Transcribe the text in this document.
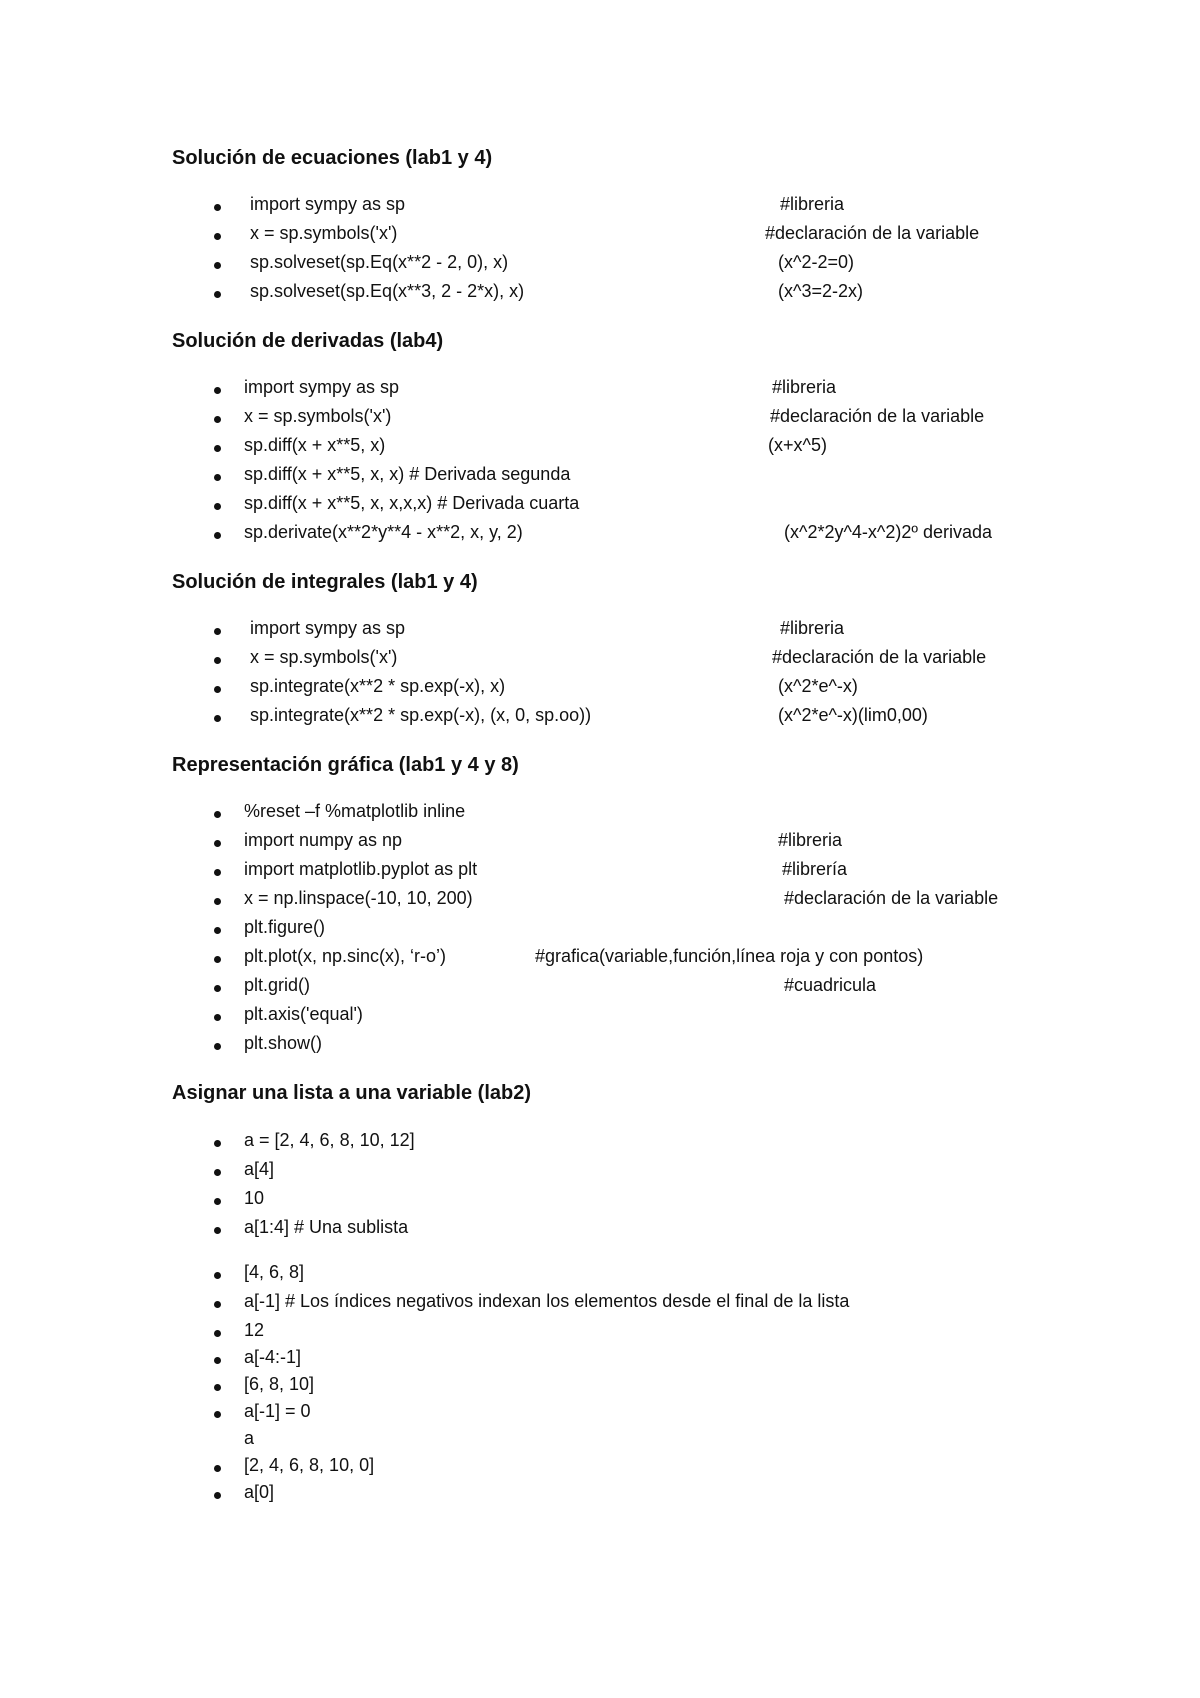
Solución de ecuaciones (lab1 y 4)
import sympy as sp	#libreria
x = sp.symbols('x')	#declaración de la variable
sp.solveset(sp.Eq(x**2 - 2, 0), x)	(x^2-2=0)
sp.solveset(sp.Eq(x**3, 2 - 2*x), x)	(x^3=2-2x)
Solución de derivadas (lab4)
import sympy as sp	#libreria
x = sp.symbols('x')	#declaración de la variable
sp.diff(x + x**5, x)	(x+x^5)
sp.diff(x + x**5, x, x) # Derivada segunda
sp.diff(x + x**5, x, x,x,x) # Derivada cuarta
sp.derivate(x**2*y**4 - x**2, x, y, 2)	(x^2*2y^4-x^2)2º derivada
Solución de integrales (lab1 y 4)
import sympy as sp	#libreria
x = sp.symbols('x')	#declaración de la variable
sp.integrate(x**2 * sp.exp(-x), x)	(x^2*e^-x)
sp.integrate(x**2 * sp.exp(-x), (x, 0, sp.oo))	(x^2*e^-x)(lim0,00)
Representación gráfica (lab1 y 4 y 8)
%reset –f %matplotlib inline
import numpy as np	#libreria
import matplotlib.pyplot as plt	#librería
x = np.linspace(-10, 10, 200)	#declaración de la variable
plt.figure()
plt.plot(x, np.sinc(x), ‘r-o’)	#grafica(variable,función,línea roja y con pontos)
plt.grid()	#cuadricula
plt.axis('equal')
plt.show()
Asignar una lista a una variable (lab2)
a = [2, 4, 6, 8, 10, 12]
a[4]
10
a[1:4] # Una sublista
[4, 6, 8]
a[-1] # Los índices negativos indexan los elementos desde el final de la lista
12
a[-4:-1]
[6, 8, 10]
a[-1] = 0
a
[2, 4, 6, 8, 10, 0]
a[0]
